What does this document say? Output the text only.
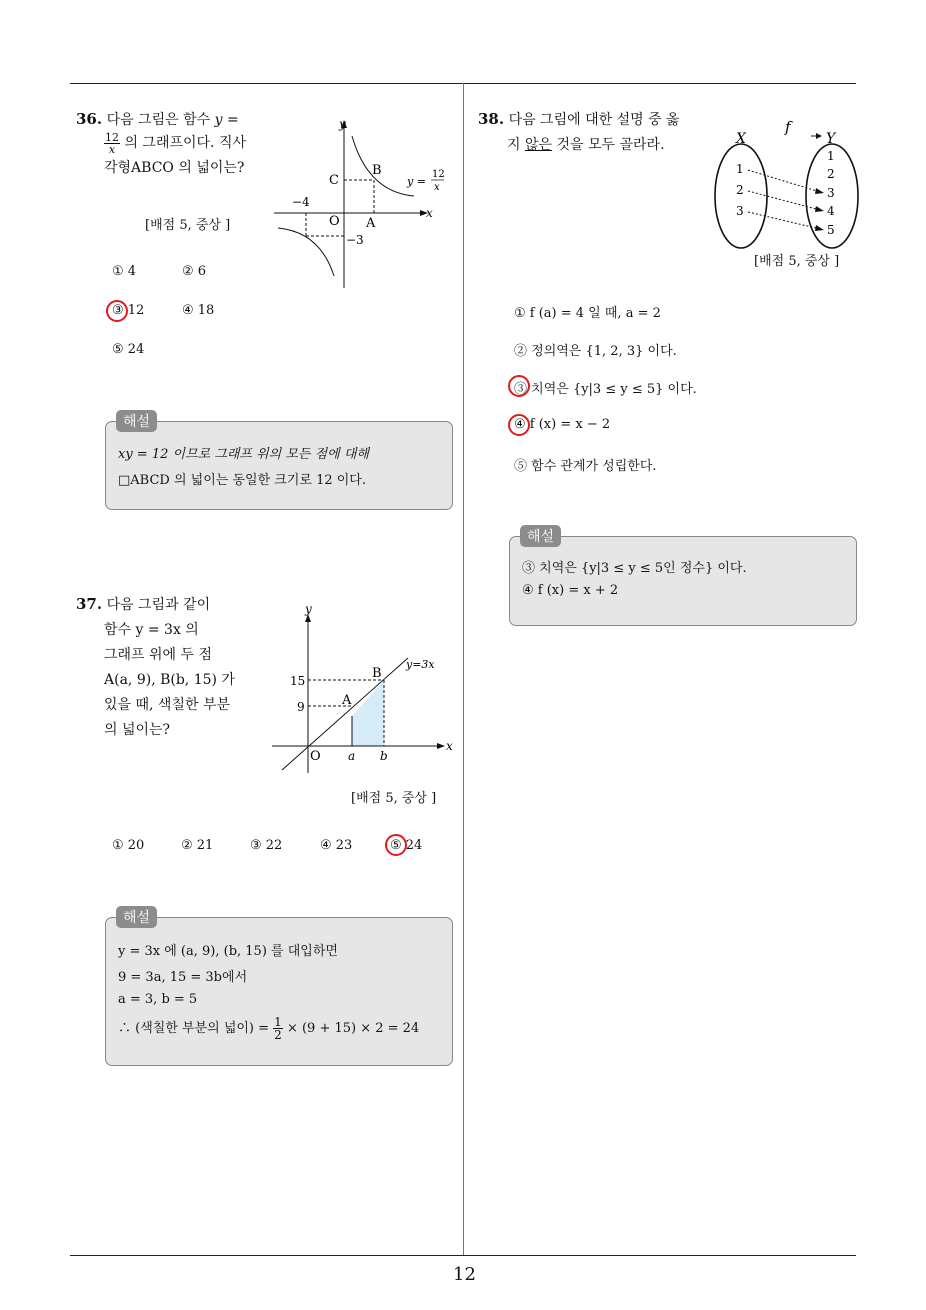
12
36. 다음 그림은 함수 y =
$\frac{12}{x}$ 의 그래프이다. 직사각형ABCO 의 넓이는?
[배점 5, 중상 ]
y
x
B
C
O A
−4
−3
y =
12
x
① 4	② 6
③ 12	④ 18
⑤ 24
해설
xy = 12 이므로 그래프 위의 모든 점에 대해
□ABCD 의 넓이는 동일한 크기로 12 이다.
37. 다음 그림과 같이
함수 y = 3x 의
그래프 위에 두 점
A(a, 9), B(b, 15) 가
있을 때, 색칠한 부분
의 넓이는?
y
x
O a b
A
B
15
9
y=3x
[배점 5, 중상 ]
① 20	② 21	③ 22	④ 23	⑤ 24
해설
y = 3x 에 (a, 9), (b, 15) 를 대입하면
9 = 3a, 15 = 3b에서
a = 3, b = 5
∴ (색칠한 부분의 넓이) = $\frac{1}{2} \times (9 + 15) \times 2 = 24$
38. 다음 그림에 대한 설명 중 옳
지 않은 것을 모두 골라라.
f
X	Y
1
2
3
1
2
3
4
5
[배점 5, 중상 ]
① f (a) = 4 일 때, a = 2
② 정의역은 {1, 2, 3} 이다.
③ 치역은 {y|3 ≤ y ≤ 5} 이다.
④ f (x) = x − 2
⑤ 함수 관계가 성립한다.
해설
③ 치역은 {y|3 ≤ y ≤ 5인 정수} 이다.
④ f (x) = x + 2
